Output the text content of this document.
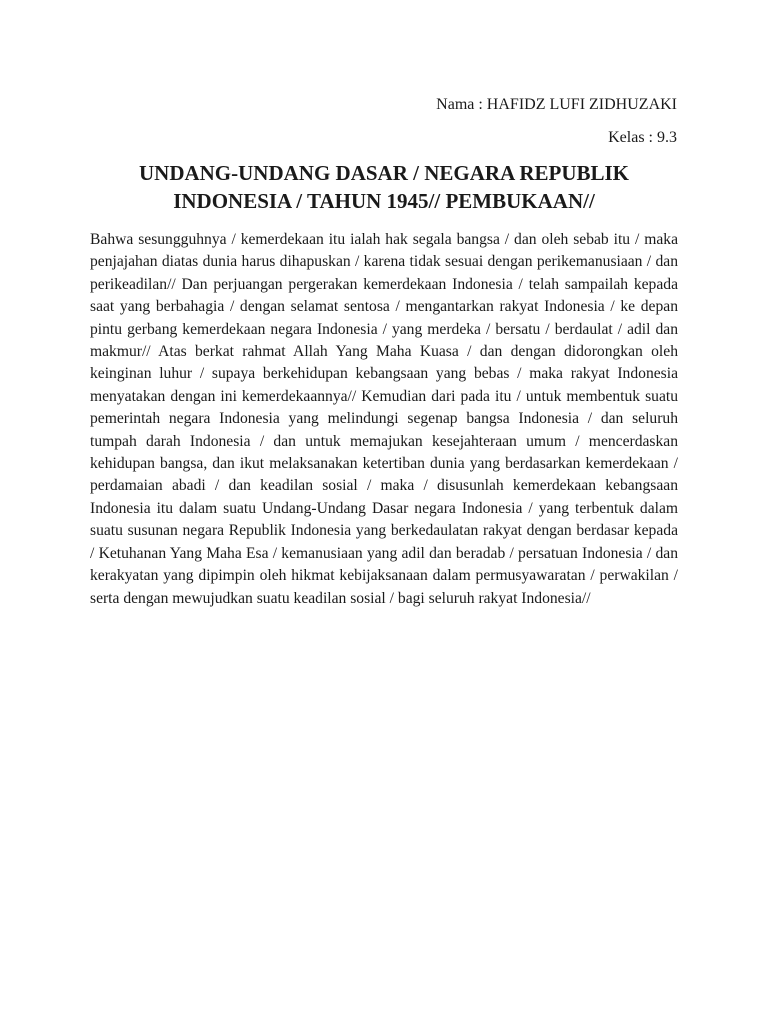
Nama : HAFIDZ LUFI ZIDHUZAKI
Kelas : 9.3
UNDANG-UNDANG DASAR / NEGARA REPUBLIK
INDONESIA / TAHUN 1945// PEMBUKAAN//

Bahwa sesungguhnya / kemerdekaan itu ialah hak segala bangsa / dan oleh sebab itu / maka penjajahan diatas dunia harus dihapuskan / karena tidak sesuai dengan perikemanusiaan / dan perikeadilan// Dan perjuangan pergerakan kemerdekaan Indonesia / telah sampailah kepada saat yang berbahagia / dengan selamat sentosa / mengantarkan rakyat Indonesia / ke depan pintu gerbang kemerdekaan negara Indonesia / yang merdeka / bersatu / berdaulat / adil dan makmur// Atas berkat rahmat Allah Yang Maha Kuasa / dan dengan didorongkan oleh keinginan luhur / supaya berkehidupan kebangsaan yang bebas / maka rakyat Indonesia menyatakan dengan ini kemerdekaannya// Kemudian dari pada itu / untuk membentuk suatu pemerintah negara Indonesia yang melindungi segenap bangsa Indonesia / dan seluruh tumpah darah Indonesia / dan untuk memajukan kesejahteraan umum / mencerdaskan kehidupan bangsa, dan ikut melaksanakan ketertiban dunia yang berdasarkan kemerdekaan / perdamaian abadi / dan keadilan sosial / maka / disusunlah kemerdekaan kebangsaan Indonesia itu dalam suatu Undang-Undang Dasar negara Indonesia / yang terbentuk dalam suatu susunan negara Republik Indonesia yang berkedaulatan rakyat dengan berdasar kepada / Ketuhanan Yang Maha Esa / kemanusiaan yang adil dan beradab / persatuan Indonesia / dan kerakyatan yang dipimpin oleh hikmat kebijaksanaan dalam permusyawaratan / perwakilan / serta dengan mewujudkan suatu keadilan sosial / bagi seluruh rakyat Indonesia//
